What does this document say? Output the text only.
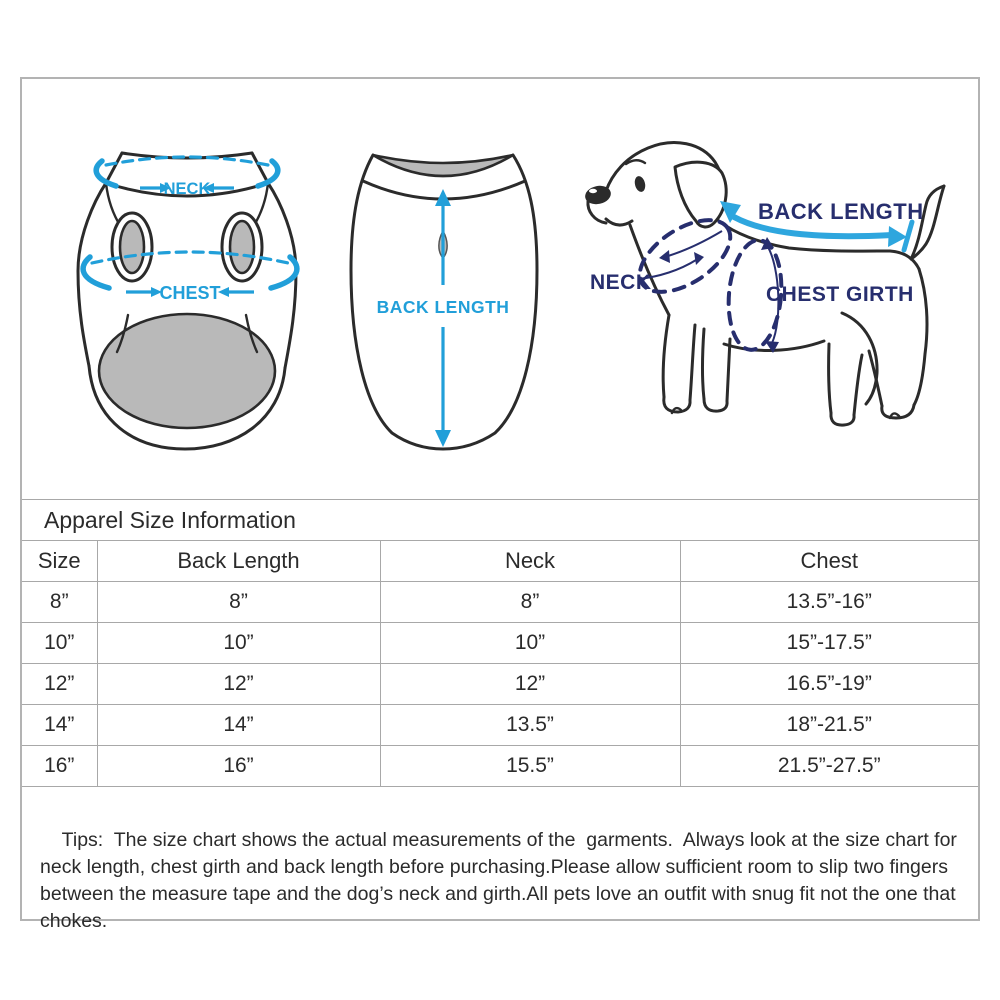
NECK
CHEST
BACK LENGTH
NECK
CHEST GIRTH
BACK LENGTH
Apparel Size Information
Size	Back Length	Neck	Chest
8”	8”	8”	13.5”-16”
10”	10”	10”	15”-17.5”
12”	12”	12”	16.5”-19”
14”	14”	13.5”	18”-21.5”
16”	16”	15.5”	21.5”-27.5”

Tips:  The size chart shows the actual measurements of the  garments.  Always look at the size chart for neck length, chest girth and back length before purchasing.Please allow sufficient room to slip two fingers between the measure tape and the dog’s neck and girth.All pets love an outfit with snug fit not the one that chokes.
